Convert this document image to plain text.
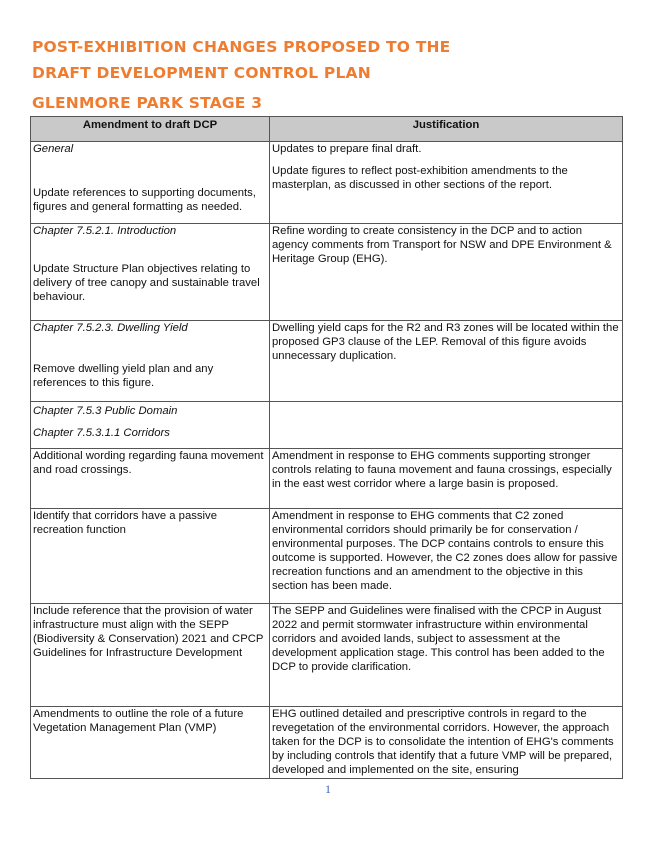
POST-EXHIBITION CHANGES PROPOSED TO THE
DRAFT DEVELOPMENT CONTROL PLAN
GLENMORE PARK STAGE 3
Amendment to draft DCP	Justification

General
Update references to supporting documents, figures and general formatting as needed.	Updates to prepare final draft.
Update figures to reflect post-exhibition amendments to the masterplan, as discussed in other sections of the report.

Chapter 7.5.2.1. Introduction
Update Structure Plan objectives relating to delivery of tree canopy and sustainable travel behaviour.	Refine wording to create consistency in the DCP and to action agency comments from Transport for NSW and DPE Environment & Heritage Group (EHG).

Chapter 7.5.2.3. Dwelling Yield
Remove dwelling yield plan and any references to this figure.	Dwelling yield caps for the R2 and R3 zones will be located within the proposed GP3 clause of the LEP. Removal of this figure avoids unnecessary duplication.

Chapter 7.5.3 Public Domain
Chapter 7.5.3.1.1 Corridors	

Additional wording regarding fauna movement and road crossings.	Amendment in response to EHG comments supporting stronger controls relating to fauna movement and fauna crossings, especially in the east west corridor where a large basin is proposed.
Identify that corridors have a passive recreation function	Amendment in response to EHG comments that C2 zoned environmental corridors should primarily be for conservation / environmental purposes. The DCP contains controls to ensure this outcome is supported. However, the C2 zones does allow for passive recreation functions and an amendment to the objective in this section has been made.
Include reference that the provision of water infrastructure must align with the SEPP (Biodiversity & Conservation) 2021 and CPCP Guidelines for Infrastructure Development	The SEPP and Guidelines were finalised with the CPCP in August 2022 and permit stormwater infrastructure within environmental corridors and avoided lands, subject to assessment at the development application stage. This control has been added to the DCP to provide clarification.
Amendments to outline the role of a future Vegetation Management Plan (VMP)	EHG outlined detailed and prescriptive controls in regard to the revegetation of the environmental corridors. However, the approach taken for the DCP is to consolidate the intention of EHG's comments by including controls that identify that a future VMP will be prepared, developed and implemented on the site, ensuring
1
